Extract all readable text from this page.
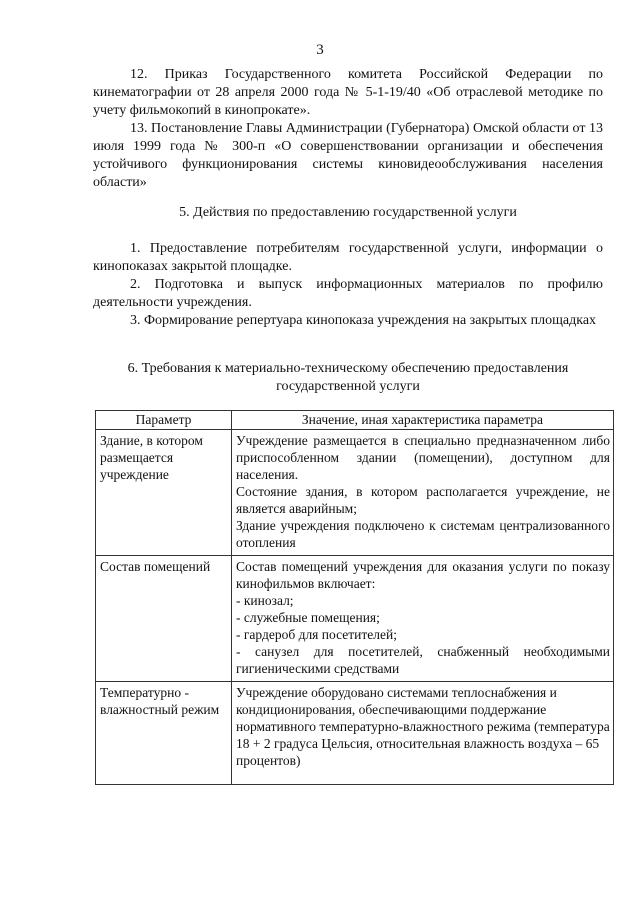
3
12. Приказ Государственного комитета Российской Федерации по кинематографии от 28 апреля 2000 года № 5-1-19/40 «Об отраслевой методике по учету фильмокопий в кинопрокате».
13. Постановление Главы Администрации (Губернатора) Омской области от 13 июля 1999 года № 300-п «О совершенствовании организации и обеспечения устойчивого функционирования системы киновидеообслуживания населения области»
5. Действия по предоставлению государственной услуги
1. Предоставление потребителям государственной услуги, информации о кинопоказах закрытой площадке.
2. Подготовка и выпуск информационных материалов по профилю деятельности учреждения.
3. Формирование репертуара кинопоказа учреждения на закрытых площадках
6. Требования к материально-техническому обеспечению предоставления
государственной услуги
Параметр	Значение, иная характеристика параметра
Здание, в котором размещается учреждение	Учреждение размещается в специально предназначенном либо приспособленном здании (помещении), доступном для населения.
Состояние здания, в котором располагается учреждение, не является аварийным;
Здание учреждения подключено к системам централизованного отопления

Состав помещений	Состав помещений учреждения для оказания услуги по показу кинофильмов включает:
- кинозал;
- служебные помещения;
- гардероб для посетителей;
- санузел для посетителей, снабженный необходимыми гигиеническими средствами

Температурно - влажностный режим	Учреждение оборудовано системами теплоснабжения и кондиционирования, обеспечивающими поддержание нормативного температурно-влажностного режима (температура 18 + 2 градуса Цельсия, относительная влажность воздуха – 65 процентов)
